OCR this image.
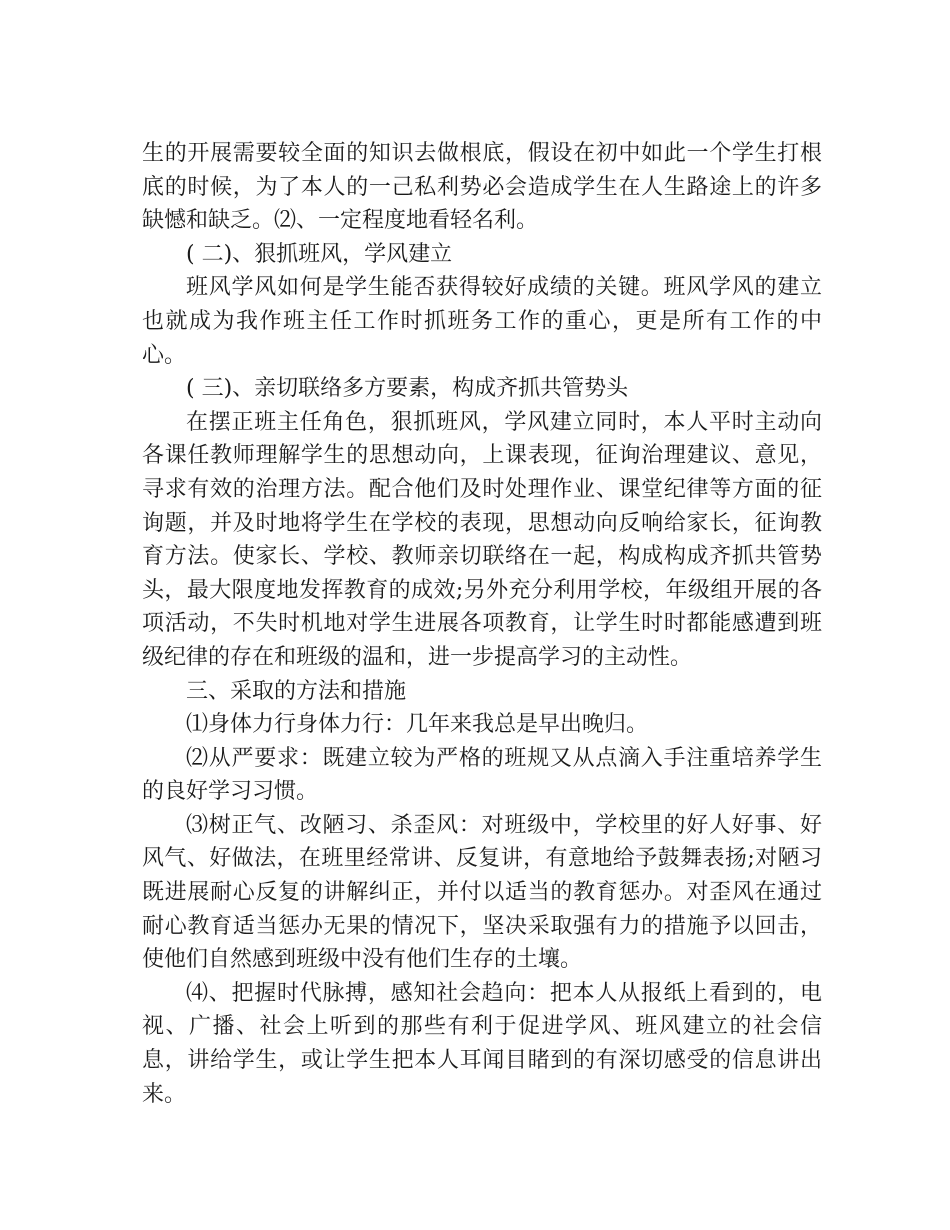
生的开展需要较全面的知识去做根底，假设在初中如此一个学生打根底的时候，为了本人的一己私利势必会造成学生在人生路途上的许多缺憾和缺乏。⑵、一定程度地看轻名利。

( 二)、狠抓班风，学风建立

班风学风如何是学生能否获得较好成绩的关键。班风学风的建立也就成为我作班主任工作时抓班务工作的重心，更是所有工作的中心。

( 三)、亲切联络多方要素，构成齐抓共管势头

在摆正班主任角色，狠抓班风，学风建立同时，本人平时主动向各课任教师理解学生的思想动向，上课表现，征询治理建议、意见，寻求有效的治理方法。配合他们及时处理作业、课堂纪律等方面的征询题，并及时地将学生在学校的表现，思想动向反响给家长，征询教育方法。使家长、学校、教师亲切联络在一起，构成构成齐抓共管势头，最大限度地发挥教育的成效;另外充分利用学校，年级组开展的各项活动，不失时机地对学生进展各项教育，让学生时时都能感遭到班级纪律的存在和班级的温和，进一步提高学习的主动性。

三、采取的方法和措施

⑴身体力行身体力行：几年来我总是早出晚归。

⑵从严要求：既建立较为严格的班规又从点滴入手注重培养学生的良好学习习惯。

⑶树正气、改陋习、杀歪风：对班级中，学校里的好人好事、好风气、好做法，在班里经常讲、反复讲，有意地给予鼓舞表扬;对陋习既进展耐心反复的讲解纠正，并付以适当的教育惩办。对歪风在通过耐心教育适当惩办无果的情况下，坚决采取强有力的措施予以回击，使他们自然感到班级中没有他们生存的土壤。

⑷、把握时代脉搏，感知社会趋向：把本人从报纸上看到的，电视、广播、社会上听到的那些有利于促进学风、班风建立的社会信息，讲给学生，或让学生把本人耳闻目睹到的有深切感受的信息讲出来。
